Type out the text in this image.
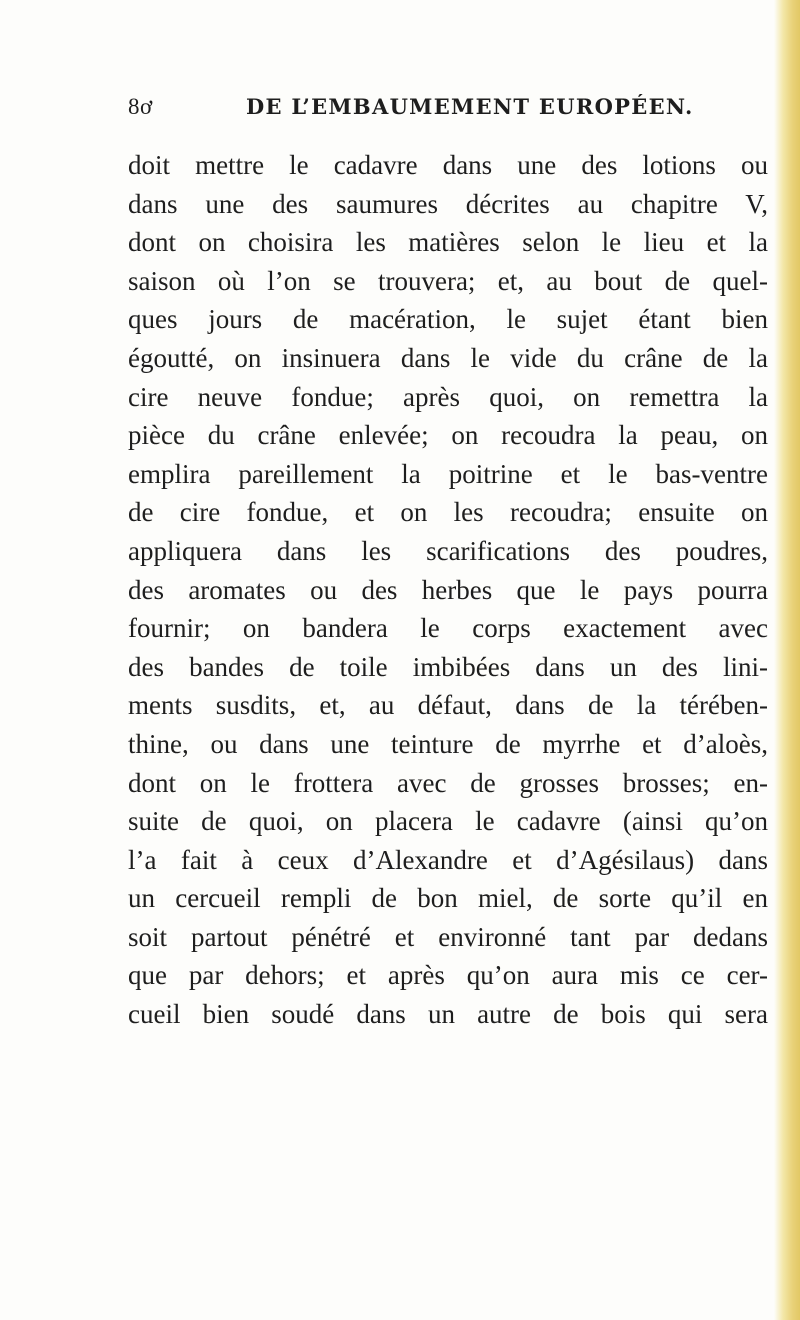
8ơ	DE L’EMBAUMEMENT EUROPÉEN.
doit mettre le cadavre dans une des lotions ou
dans une des saumures décrites au chapitre V,
dont on choisira les matières selon le lieu et la
saison où l’on se trouvera; et, au bout de quel-
ques jours de macération, le sujet étant bien
égoutté, on insinuera dans le vide du crâne de la
cire neuve fondue; après quoi, on remettra la
pièce du crâne enlevée; on recoudra la peau, on
emplira pareillement la poitrine et le bas-ventre
de cire fondue, et on les recoudra; ensuite on
appliquera dans les scarifications des poudres,
des aromates ou des herbes que le pays pourra
fournir; on bandera le corps exactement avec
des bandes de toile imbibées dans un des lini-
ments susdits, et, au défaut, dans de la térében-
thine, ou dans une teinture de myrrhe et d’aloès,
dont on le frottera avec de grosses brosses; en-
suite de quoi, on placera le cadavre (ainsi qu’on
l’a fait à ceux d’Alexandre et d’Agésilaus) dans
un cercueil rempli de bon miel, de sorte qu’il en
soit partout pénétré et environné tant par dedans
que par dehors; et après qu’on aura mis ce cer-
cueil bien soudé dans un autre de bois qui sera
